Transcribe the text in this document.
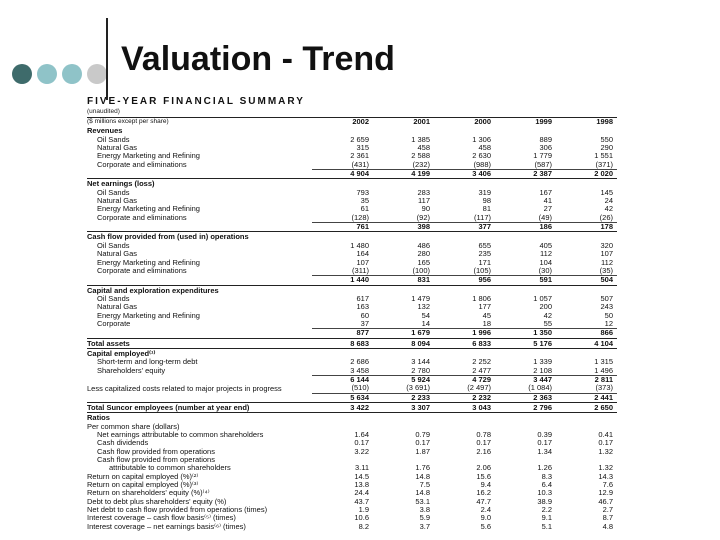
Valuation - Trend
FIVE-YEAR FINANCIAL SUMMARY
(unaudited)
($ millions except per share)	2002	2001	2000	1999	1998
Revenues					
Oil Sands	2 659	1 385	1 306	889	550
Natural Gas	315	458	458	306	290
Energy Marketing and Refining	2 361	2 588	2 630	1 779	1 551
Corporate and eliminations	(431)	(232)	(988)	(587)	(371)
	4 904	4 199	3 406	2 387	2 020
Net earnings (loss)					
Oil Sands	793	283	319	167	145
Natural Gas	35	117	98	41	24
Energy Marketing and Refining	61	90	81	27	42
Corporate and eliminations	(128)	(92)	(117)	(49)	(26)
	761	398	377	186	178
Cash flow provided from (used in) operations					
Oil Sands	1 480	486	655	405	320
Natural Gas	164	280	235	112	107
Energy Marketing and Refining	107	165	171	104	112
Corporate and eliminations	(311)	(100)	(105)	(30)	(35)
	1 440	831	956	591	504
Capital and exploration expenditures					
Oil Sands	617	1 479	1 806	1 057	507
Natural Gas	163	132	177	200	243
Energy Marketing and Refining	60	54	45	42	50
Corporate	37	14	18	55	12
	877	1 679	1 996	1 350	866
Total assets	8 683	8 094	6 833	5 176	4 104
Capital employed⁽¹⁾					
Short-term and long-term debt	2 686	3 144	2 252	1 339	1 315
Shareholders' equity	3 458	2 780	2 477	2 108	1 496
	6 144	5 924	4 729	3 447	2 811
Less capitalized costs related to major projects in progress	(510)	(3 691)	(2 497)	(1 084)	(373)
	5 634	2 233	2 232	2 363	2 441
Total Suncor employees (number at year end)	3 422	3 307	3 043	2 796	2 650
Ratios					
Per common share (dollars)					
Net earnings attributable to common shareholders	1.64	0.79	0.78	0.39	0.41
Cash dividends	0.17	0.17	0.17	0.17	0.17
Cash flow provided from operations	3.22	1.87	2.16	1.34	1.32
Cash flow provided from operations					
attributable to common shareholders	3.11	1.76	2.06	1.26	1.32
Return on capital employed (%)⁽²⁾	14.5	14.8	15.6	8.3	14.3
Return on capital employed (%)⁽³⁾	13.8	7.5	9.4	6.4	7.6
Return on shareholders' equity (%)⁽⁴⁾	24.4	14.8	16.2	10.3	12.9
Debt to debt plus shareholders' equity (%)	43.7	53.1	47.7	38.9	46.7
Net debt to cash flow provided from operations (times)	1.9	3.8	2.4	2.2	2.7
Interest coverage – cash flow basis⁽⁵⁾ (times)	10.6	5.9	9.0	9.1	8.7
Interest coverage – net earnings basis⁽⁶⁾ (times)	8.2	3.7	5.6	5.1	4.8
